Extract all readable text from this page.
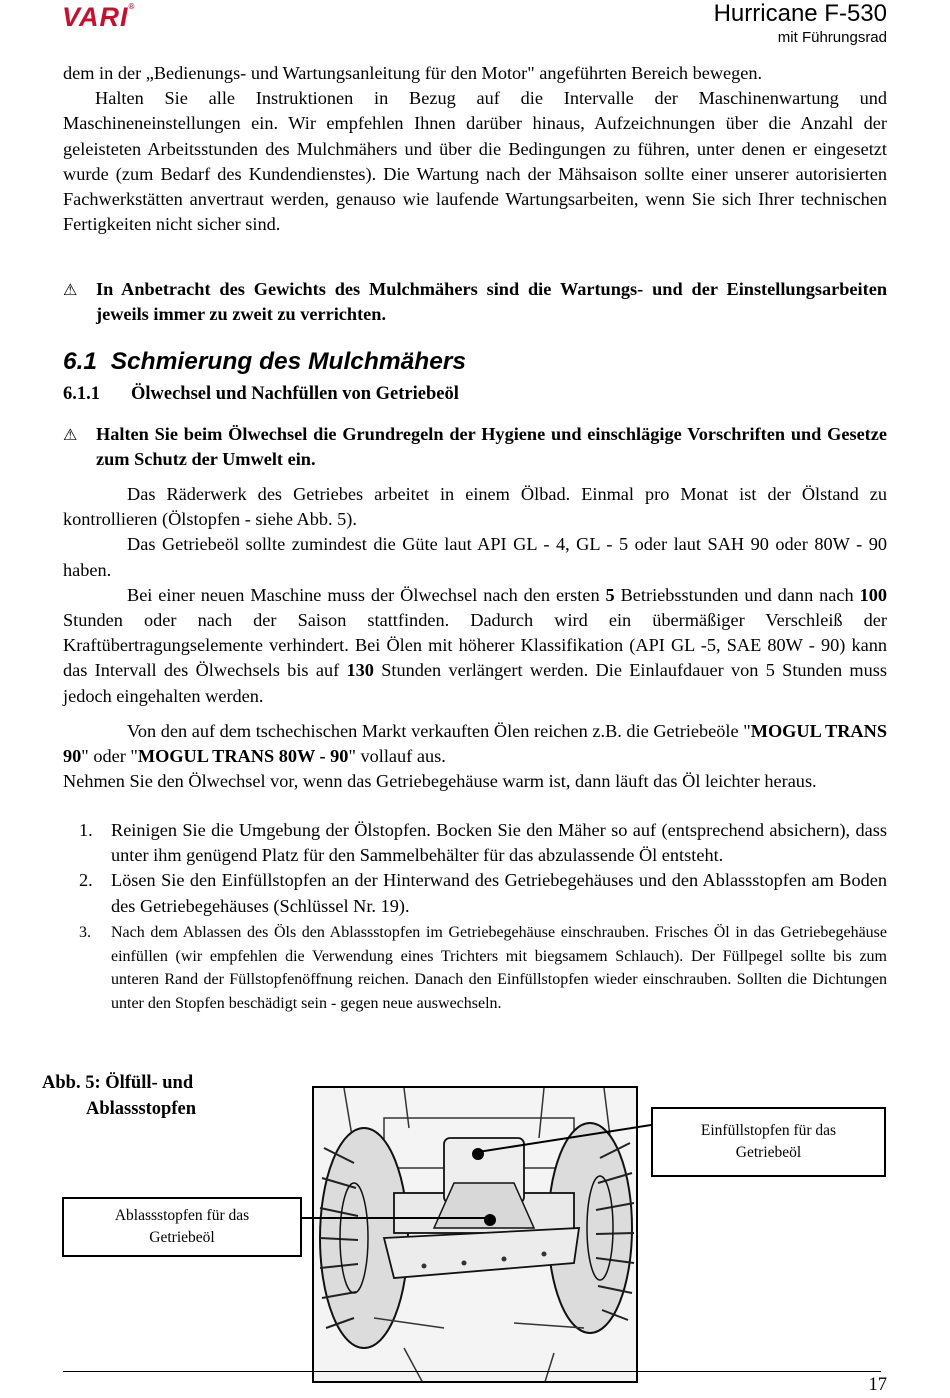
VARI®	Hurricane F-530
mit Führungsrad

dem in der „Bedienungs- und Wartungsanleitung für den Motor" angeführten Bereich bewegen.

Halten Sie alle Instruktionen in Bezug auf die Intervalle der Maschinenwartung und Maschineneinstellungen ein. Wir empfehlen Ihnen darüber hinaus, Aufzeichnungen über die Anzahl der geleisteten Arbeitsstunden des Mulchmähers und über die Bedingungen zu führen, unter denen er eingesetzt wurde (zum Bedarf des Kundendienstes). Die Wartung nach der Mähsaison sollte einer unserer autorisierten Fachwerkstätten anvertraut werden, genauso wie laufende Wartungsarbeiten, wenn Sie sich Ihrer technischen Fertigkeiten nicht sicher sind.

⚠ In Anbetracht des Gewichts des Mulchmähers sind die Wartungs- und der Einstellungsarbeiten jeweils immer zu zweit zu verrichten.
6.1 Schmierung des Mulchmähers
6.1.1 Ölwechsel und Nachfüllen von Getriebeöl
⚠ Halten Sie beim Ölwechsel die Grundregeln der Hygiene und einschlägige Vorschriften und Gesetze zum Schutz der Umwelt ein.

Das Räderwerk des Getriebes arbeitet in einem Ölbad. Einmal pro Monat ist der Ölstand zu kontrollieren (Ölstopfen - siehe Abb. 5).

Das Getriebeöl sollte zumindest die Güte laut API GL - 4, GL - 5 oder laut SAH 90 oder 80W - 90 haben.

Bei einer neuen Maschine muss der Ölwechsel nach den ersten 5 Betriebsstunden und dann nach 100 Stunden oder nach der Saison stattfinden. Dadurch wird ein übermäßiger Verschleiß der Kraftübertragungselemente verhindert. Bei Ölen mit höherer Klassifikation (API GL -5, SAE 80W - 90) kann das Intervall des Ölwechsels bis auf 130 Stunden verlängert werden. Die Einlaufdauer von 5 Stunden muss jedoch eingehalten werden.

Von den auf dem tschechischen Markt verkauften Ölen reichen z.B. die Getriebeöle "MOGUL TRANS 90" oder "MOGUL TRANS 80W - 90" vollauf aus.

Nehmen Sie den Ölwechsel vor, wenn das Getriebegehäuse warm ist, dann läuft das Öl leichter heraus.

1. Reinigen Sie die Umgebung der Ölstopfen. Bocken Sie den Mäher so auf (entsprechend absichern), dass unter ihm genügend Platz für den Sammelbehälter für das abzulassende Öl entsteht.
2. Lösen Sie den Einfüllstopfen an der Hinterwand des Getriebegehäuses und den Ablassstopfen am Boden des Getriebegehäuses (Schlüssel Nr. 19).
3. Nach dem Ablassen des Öls den Ablassstopfen im Getriebegehäuse einschrauben. Frisches Öl in das Getriebegehäuse einfüllen (wir empfehlen die Verwendung eines Trichters mit biegsamem Schlauch). Der Füllpegel sollte bis zum unteren Rand der Füllstopfenöffnung reichen. Danach den Einfüllstopfen wieder einschrauben. Sollten die Dichtungen unter den Stopfen beschädigt sein - gegen neue auswechseln.
Abb. 5: Ölfüll- und
Ablassstopfen
Einfüllstopfen für das
Getriebeöl
Ablassstopfen für das
Getriebeöl
17
